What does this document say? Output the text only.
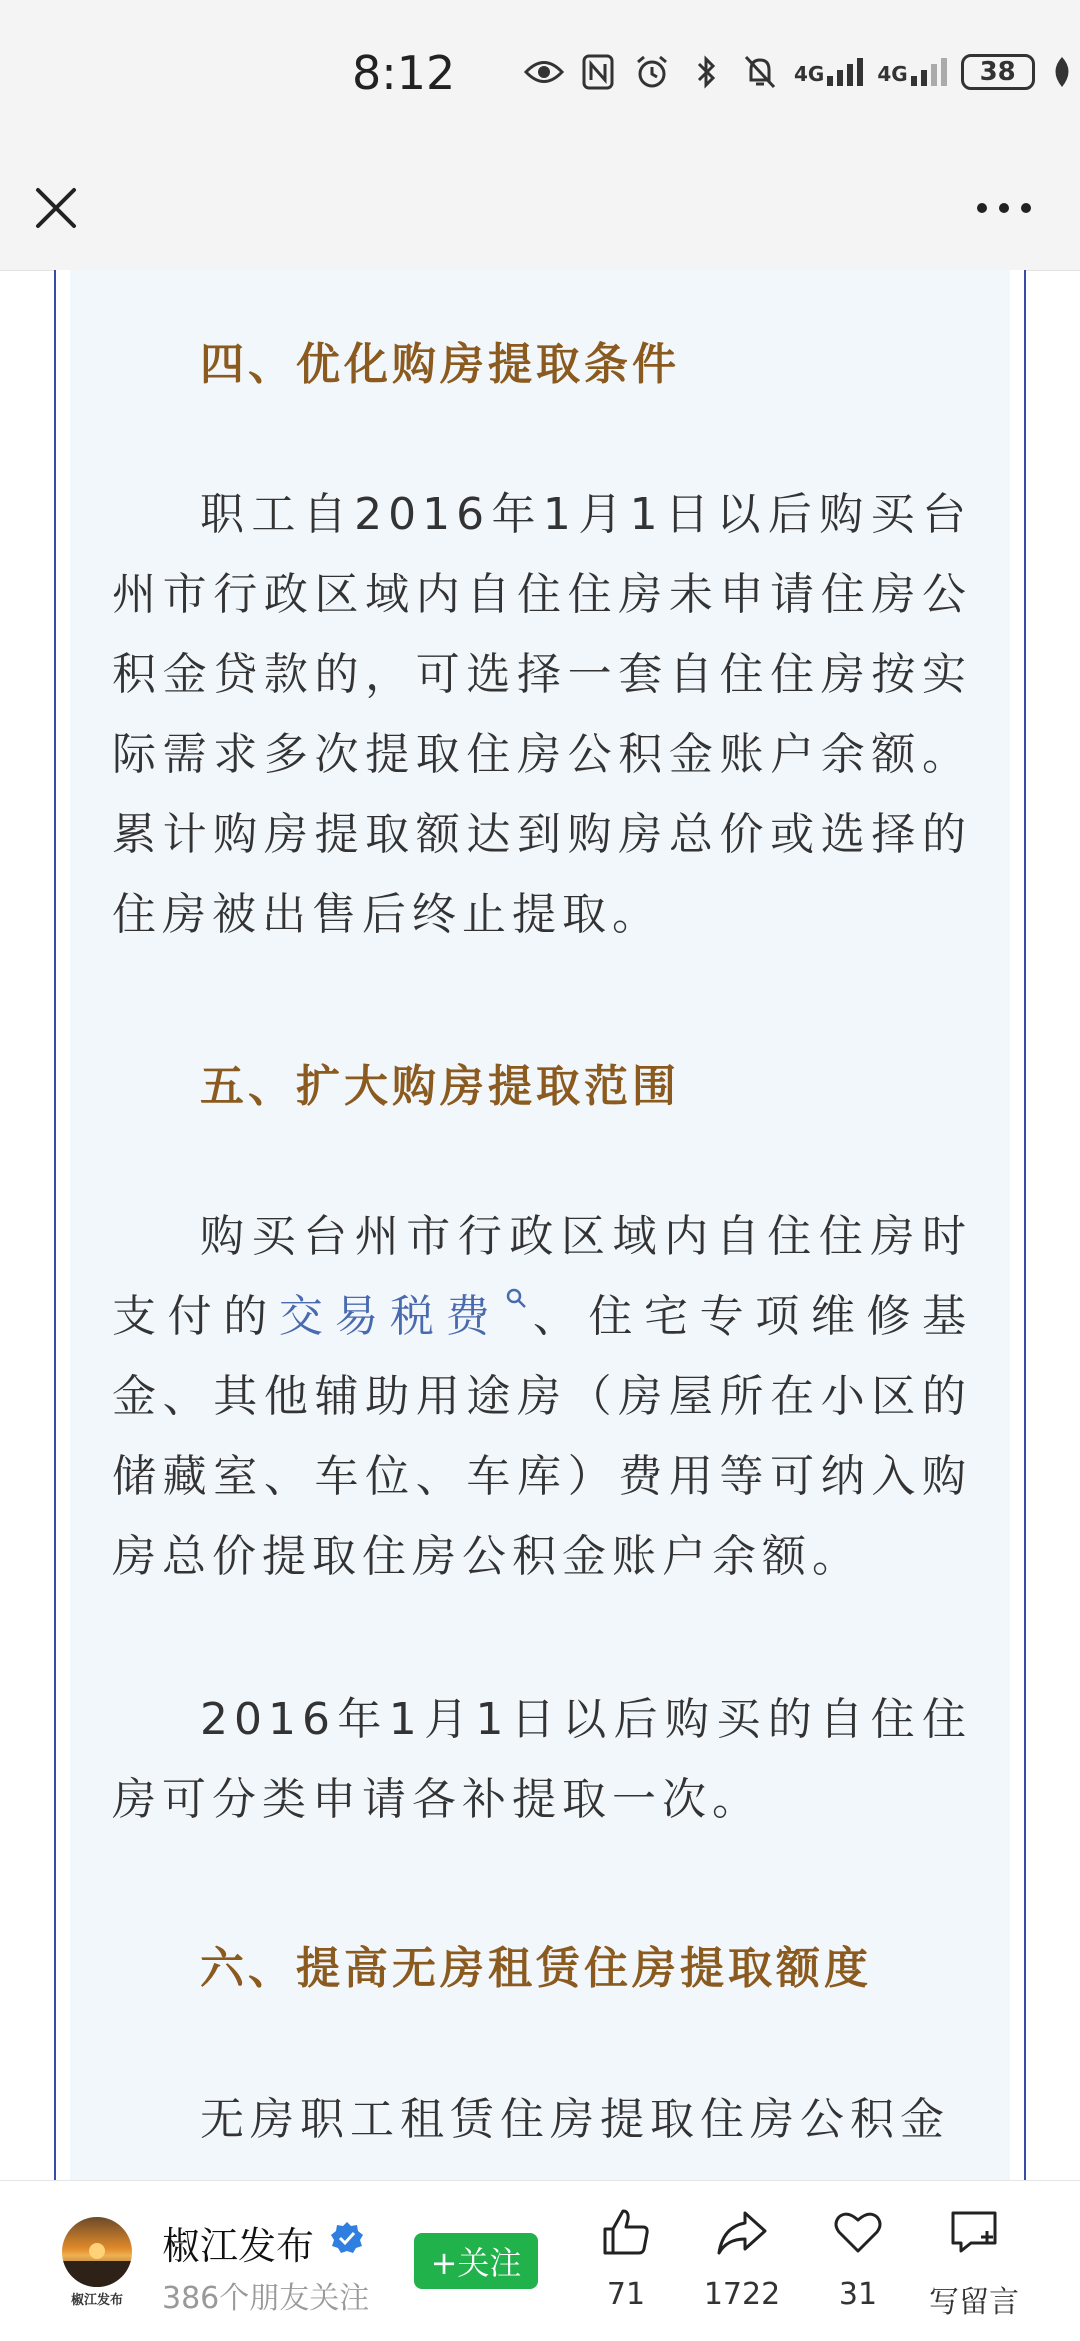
8:12	4G	4G	38
四、优化购房提取条件
职工自2016年1月1日以后购买台州市行政区域内自住住房未申请住房公积金贷款的，可选择一套自住住房按实际需求多次提取住房公积金账户余额。累计购房提取额达到购房总价或选择的住房被出售后终止提取。
五、扩大购房提取范围
购买台州市行政区域内自住住房时支付的交易税费 、住宅专项维修基金、其他辅助用途房（房屋所在小区的储藏室、车位、车库）费用等可纳入购房总价提取住房公积金账户余额。
2016年1月1日以后购买的自住住房可分类申请各补提取一次。
六、提高无房租赁住房提取额度
无房职工租赁住房提取住房公积金
椒江发布
椒江发布
386个朋友关注
+关注
71 1722 31 写留言
